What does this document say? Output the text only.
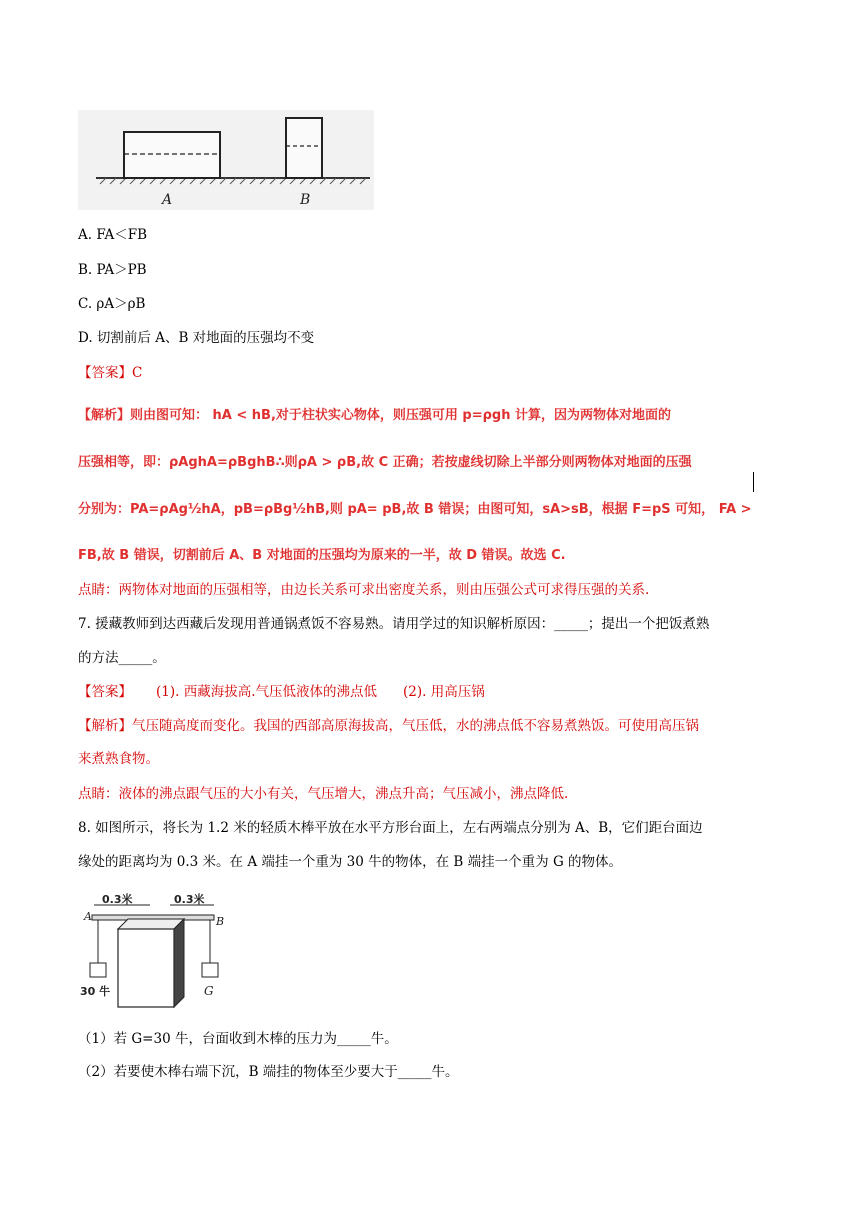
A	B
A. FA＜FB
B. PA＞PB
C. ρA＞ρB
D. 切割前后 A、B 对地面的压强均不变
【答案】C
【解析】则由图可知： hA < hB,对于柱状实心物体，则压强可用 p=ρgh 计算，因为两物体对地面的
压强相等，即：ρAghA=ρBghB∴则ρA > ρB,故 C 正确；若按虚线切除上半部分则两物体对地面的压强
分别为：PA=ρAg½hA，pB=ρBg½hB,则 pA= pB,故 B 错误；由图可知，sA>sB，根据 F=pS 可知， FA >
FB,故 B 错误，切割前后 A、B 对地面的压强均为原来的一半，故 D 错误。故选 C.
点睛：两物体对地面的压强相等，由边长关系可求出密度关系，则由压强公式可求得压强的关系.
7. 援藏教师到达西藏后发现用普通锅煮饭不容易熟。请用学过的知识解析原因：_____；提出一个把饭煮熟
的方法_____。
【答案】 (1). 西藏海拔高.气压低液体的沸点低 (2). 用高压锅
【解析】气压随高度而变化。我国的西部高原海拔高，气压低，水的沸点低不容易煮熟饭。可使用高压锅
来煮熟食物。
点睛：液体的沸点跟气压的大小有关，气压增大，沸点升高；气压减小，沸点降低.
8. 如图所示，将长为 1.2 米的轻质木棒平放在水平方形台面上，左右两端点分别为 A、B，它们距台面边
缘处的距离均为 0.3 米。在 A 端挂一个重为 30 牛的物体，在 B 端挂一个重为 G 的物体。
0.3米	0.3米
A	B
30 牛	G
（1）若 G=30 牛，台面收到木棒的压力为_____牛。
（2）若要使木棒右端下沉，B 端挂的物体至少要大于_____牛。
